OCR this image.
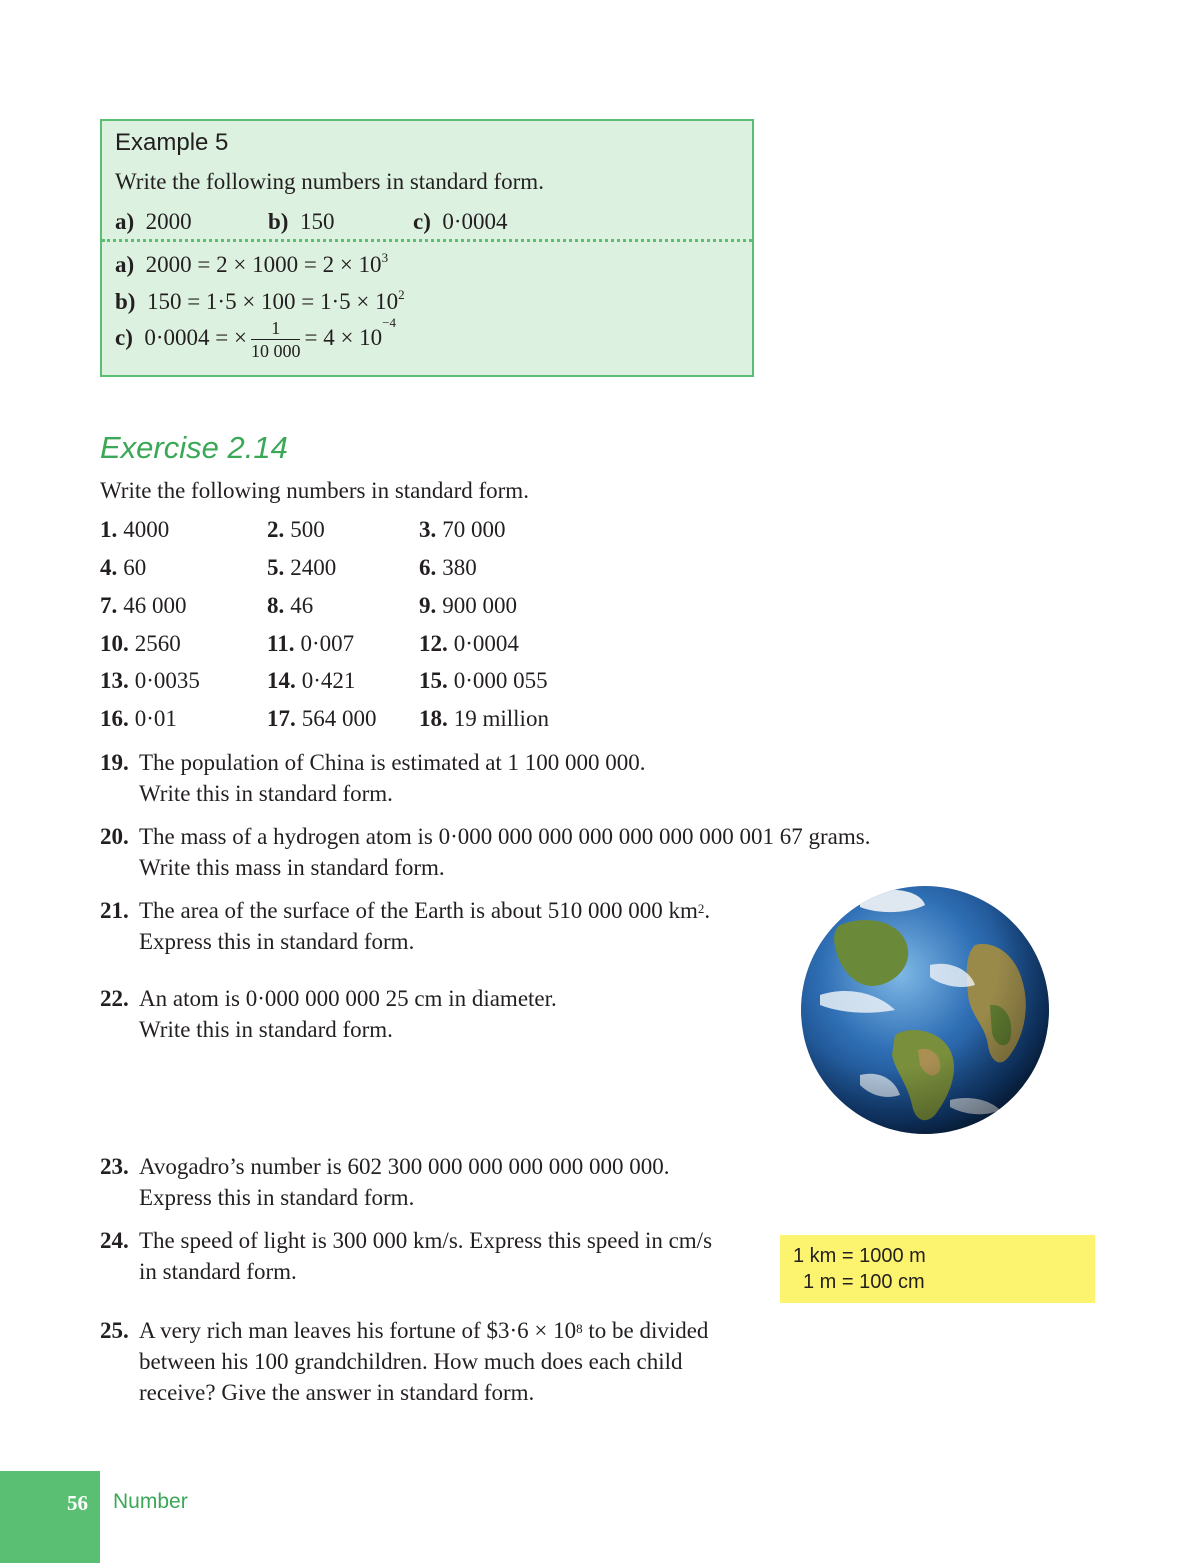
Example 5
Write the following numbers in standard form.
a) 2000	b) 150	c) 0·0004
a) $2000 = 2 \times 1000 = 2 \times 10^3$
b) $150 = 1\cdot 5 \times 100 = 1\cdot 5 \times 10^2$
c) 0·0004 = × $\frac{1}{10 000} = 4 \times 10^{-4}$
Exercise 2.14
Write the following numbers in standard form.
1. 4000	2. 500	3. 70 000
4. 60	5. 2400	6. 380
7. 46 000	8. 46	9. 900 000
10. 2560	11. 0·007	12. 0·0004
13. 0·0035	14. 0·421	15. 0·000 055
16. 0·01	17. 564 000 18. 19 million
19. The population of China is estimated at 1 100 000 000.
Write this in standard form.
20. The mass of a hydrogen atom is 0·000 000 000 000 000 000 000 001 67 grams.
Write this mass in standard form.
21. The area of the surface of the Earth is about 510 000 000 $km^2$.
Express this in standard form.
22. An atom is 0·000 000 000 25 cm in diameter.
Write this in standard form.
23. Avogadro’s number is 602 300 000 000 000 000 000 000.
Express this in standard form.
24. The speed of light is 300 000 km/s. Express this speed in cm/s
in standard form.
1 km = 1000 m
1 m = 100 cm
25. A very rich man leaves his fortune of $3·6 × $10^8$ to be divided
between his 100 grandchildren. How much does each child
receive? Give the answer in standard form.
56 Number
